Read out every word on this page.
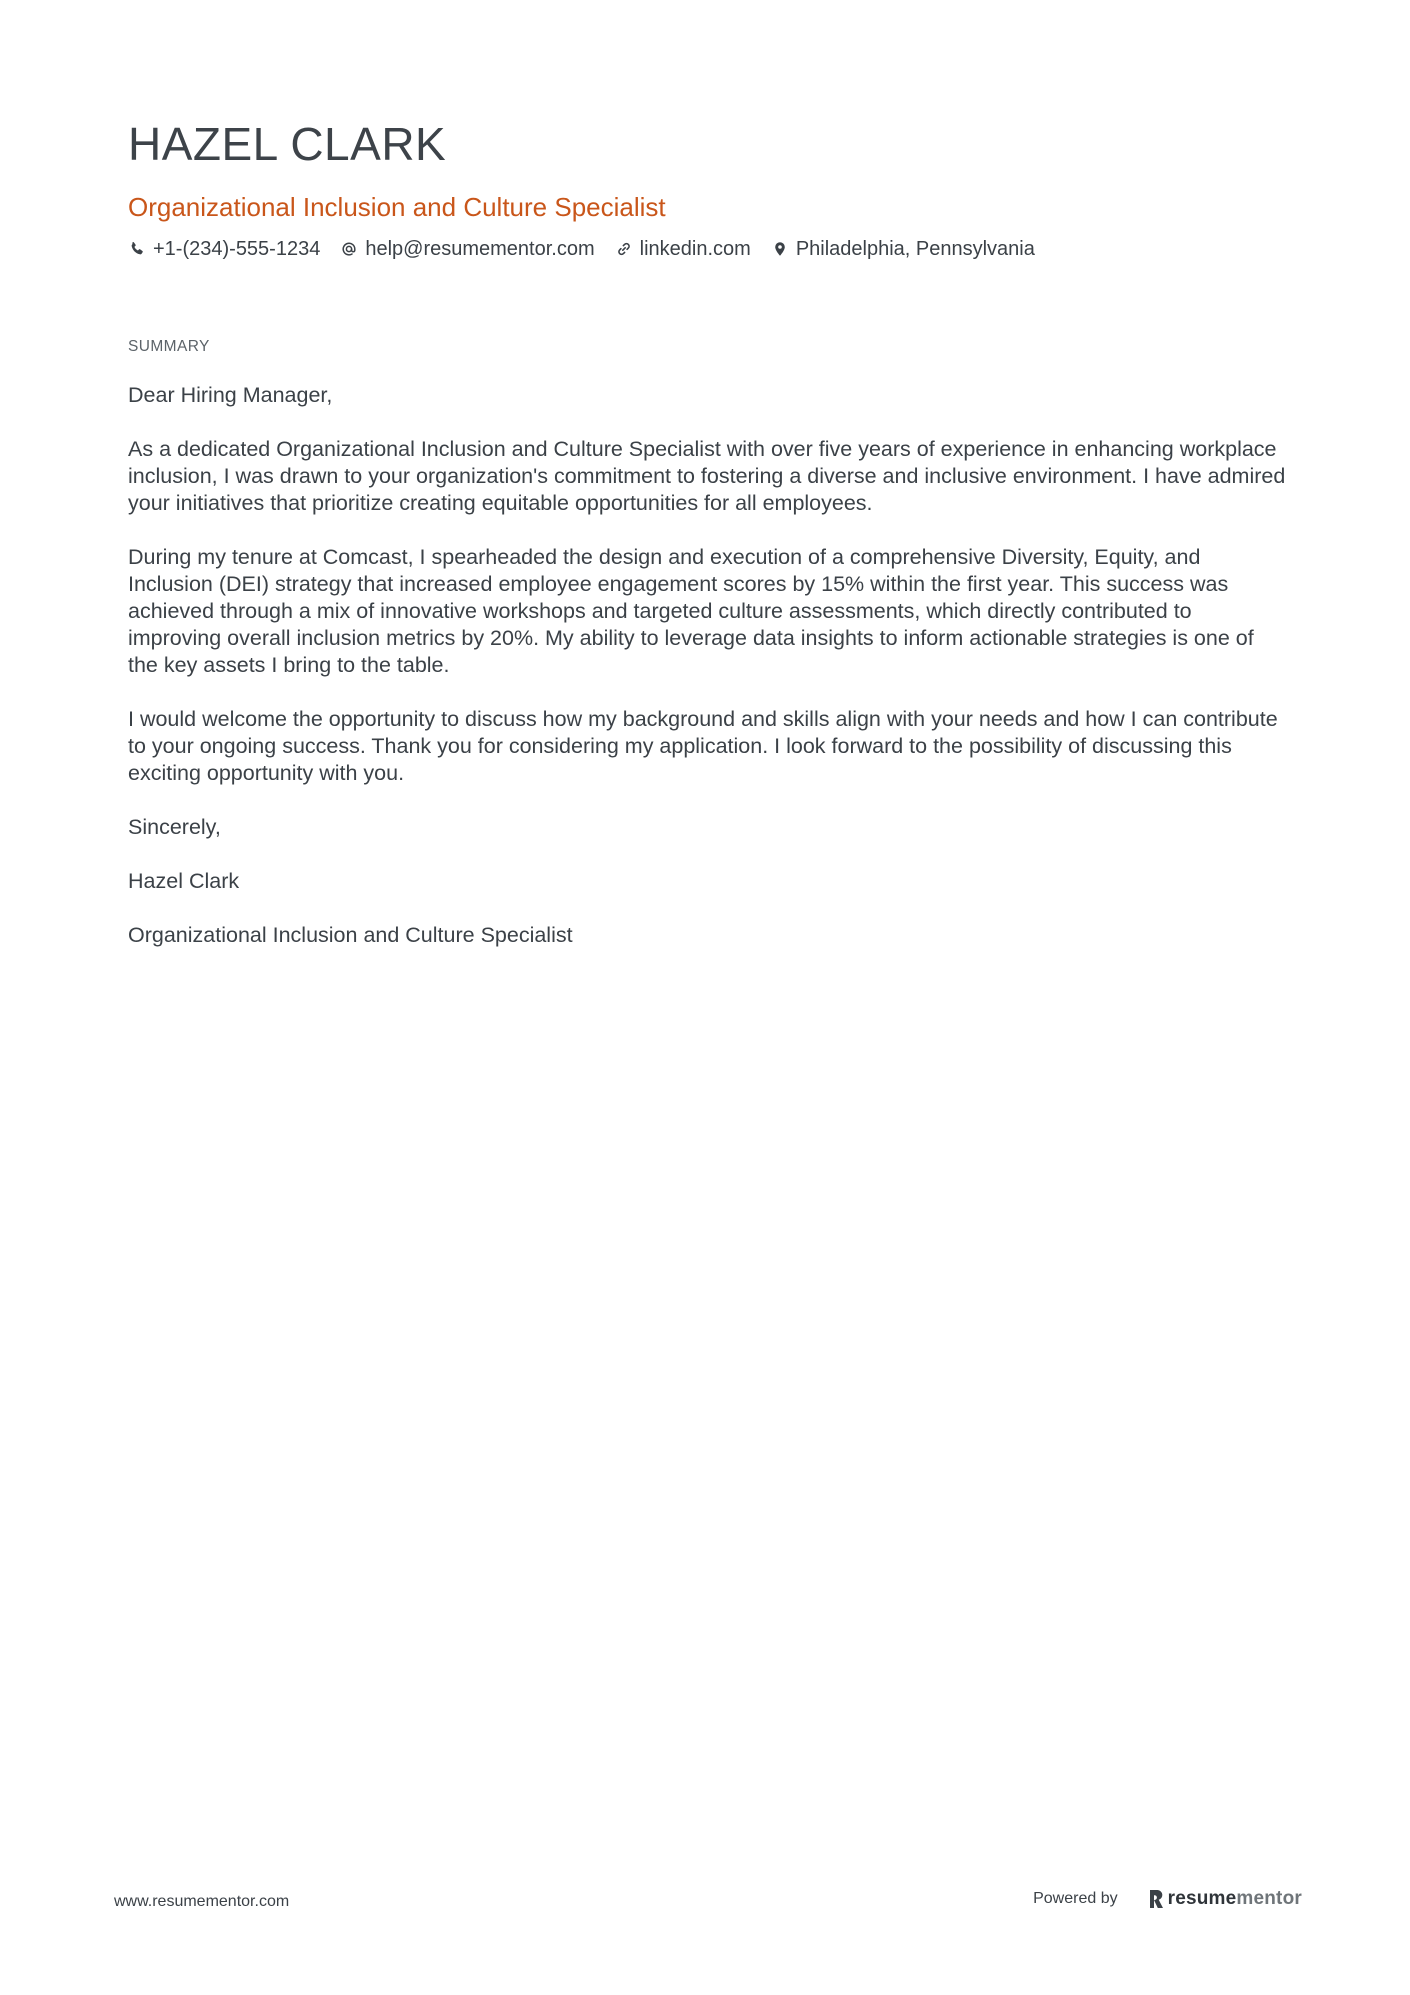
HAZEL CLARK
Organizational Inclusion and Culture Specialist
+1-(234)-555-1234 help@resumementor.com linkedin.com Philadelphia, Pennsylvania
SUMMARY

Dear Hiring Manager,

As a dedicated Organizational Inclusion and Culture Specialist with over five years of experience in enhancing workplace inclusion, I was drawn to your organization's commitment to fostering a diverse and inclusive environment. I have admired your initiatives that prioritize creating equitable opportunities for all employees.

During my tenure at Comcast, I spearheaded the design and execution of a comprehensive Diversity, Equity, and Inclusion (DEI) strategy that increased employee engagement scores by 15% within the first year. This success was achieved through a mix of innovative workshops and targeted culture assessments, which directly contributed to improving overall inclusion metrics by 20%. My ability to leverage data insights to inform actionable strategies is one of the key assets I bring to the table.

I would welcome the opportunity to discuss how my background and skills align with your needs and how I can contribute to your ongoing success. Thank you for considering my application. I look forward to the possibility of discussing this exciting opportunity with you.

Sincerely,

Hazel Clark

Organizational Inclusion and Culture Specialist

www.resumementor.com	Powered by	resume mentor
